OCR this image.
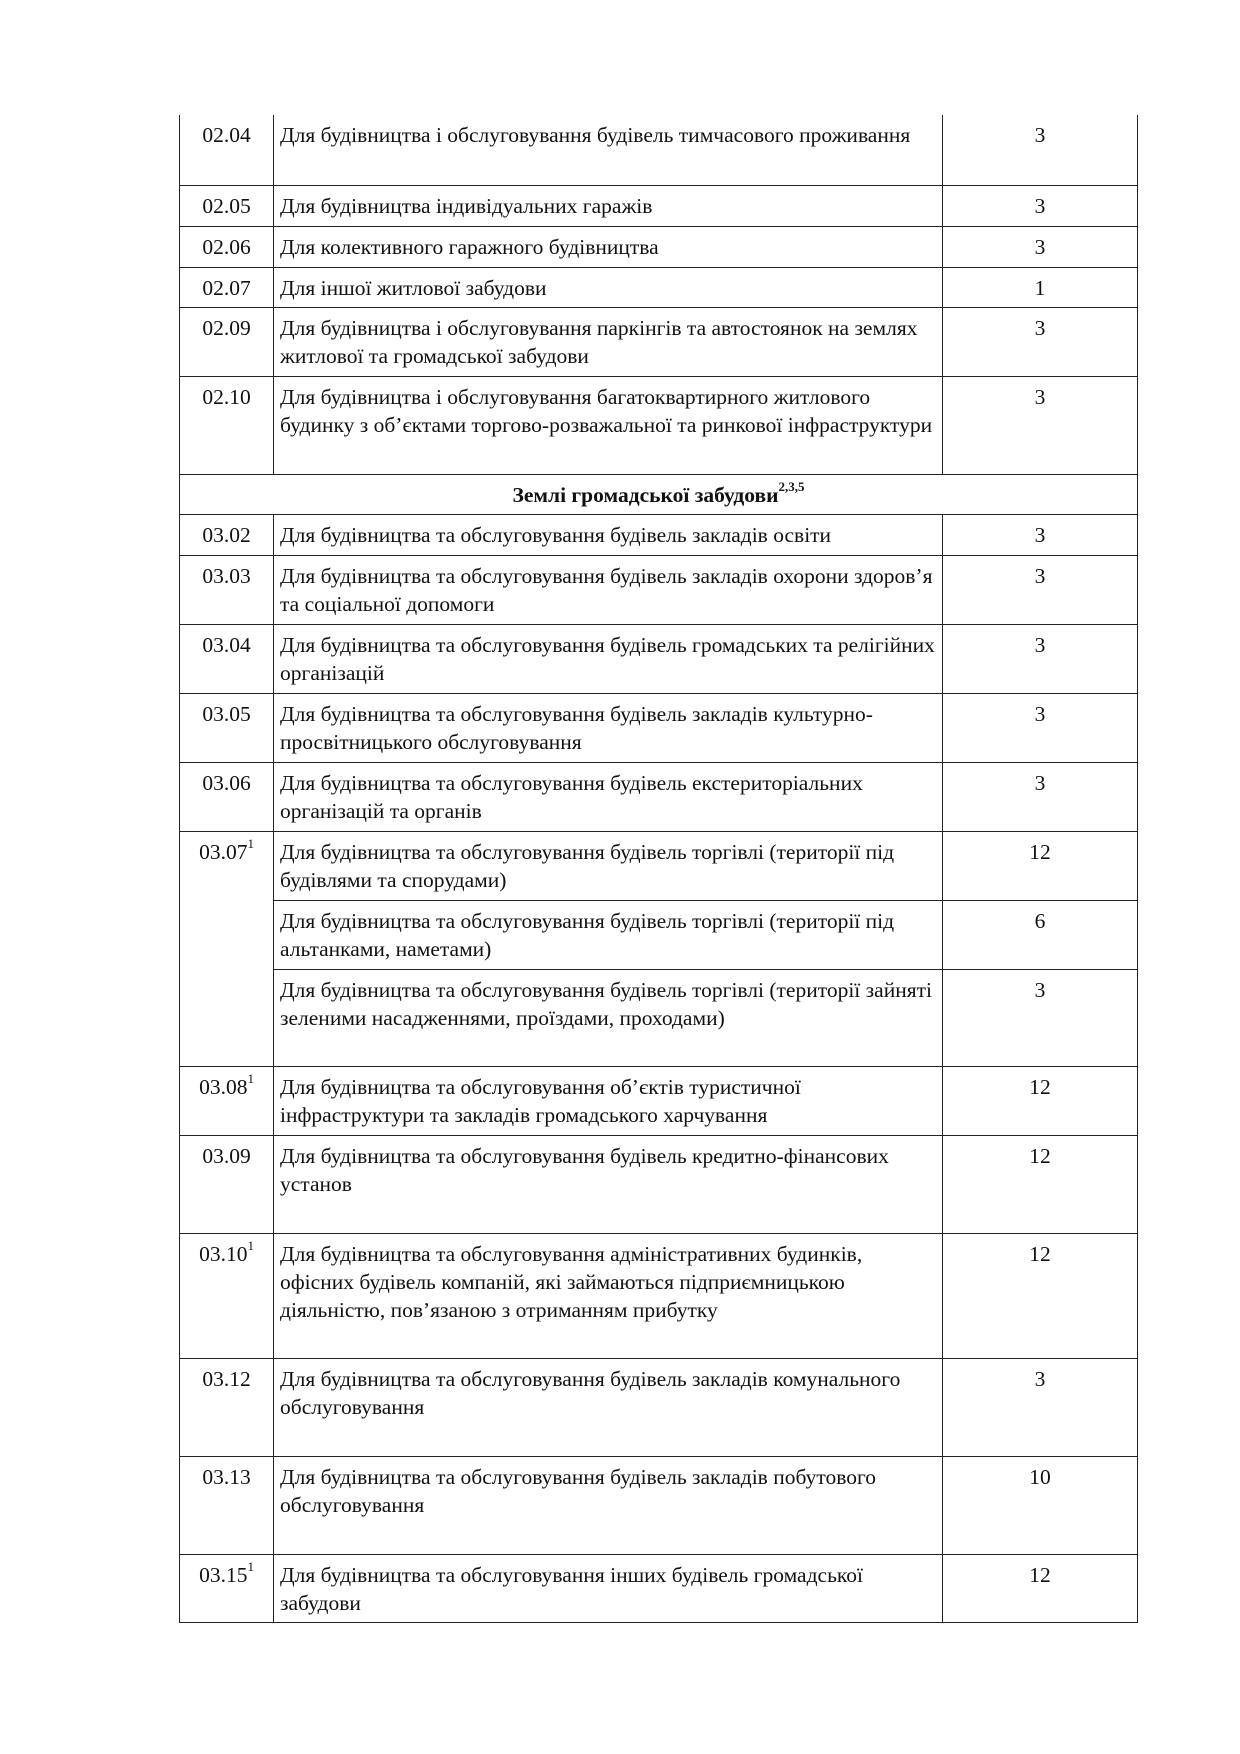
02.04	Для будівництва і обслуговування будівель тимчасового проживання	3
02.05	Для будівництва індивідуальних гаражів	3
02.06	Для колективного гаражного будівництва	3
02.07	Для іншої житлової забудови	1
02.09	Для будівництва і обслуговування паркінгів та автостоянок на землях житлової та громадської забудови	3
02.10	Для будівництва і обслуговування багатоквартирного житлового будинку з об’єктами торгово-розважальної та ринкової інфраструктури	3
Землі громадської забудови$^{2,3,5}$
03.02	Для будівництва та обслуговування будівель закладів освіти	3
03.03	Для будівництва та обслуговування будівель закладів охорони здоров’я та соціальної допомоги	3
03.04	Для будівництва та обслуговування будівель громадських та релігійних організацій	3
03.05	Для будівництва та обслуговування будівель закладів культурно-просвітницького обслуговування	3
03.06	Для будівництва та обслуговування будівель екстериторіальних організацій та органів	3
03.07$^1$	Для будівництва та обслуговування будівель торгівлі (території під будівлями та спорудами)	12
	Для будівництва та обслуговування будівель торгівлі (території під альтанками, наметами)	6
	Для будівництва та обслуговування будівель торгівлі (території зайняті зеленими насадженнями, проїздами, проходами)	3
03.08$^1$	Для будівництва та обслуговування об’єктів туристичної інфраструктури та закладів громадського харчування	12
03.09	Для будівництва та обслуговування будівель кредитно-фінансових установ	12
03.10$^1$	Для будівництва та обслуговування адміністративних будинків, офісних будівель компаній, які займаються підприємницькою діяльністю, пов’язаною з отриманням прибутку	12
03.12	Для будівництва та обслуговування будівель закладів комунального обслуговування	3
03.13	Для будівництва та обслуговування будівель закладів побутового обслуговування	10
03.15$^1$	Для будівництва та обслуговування інших будівель громадської забудови	12
